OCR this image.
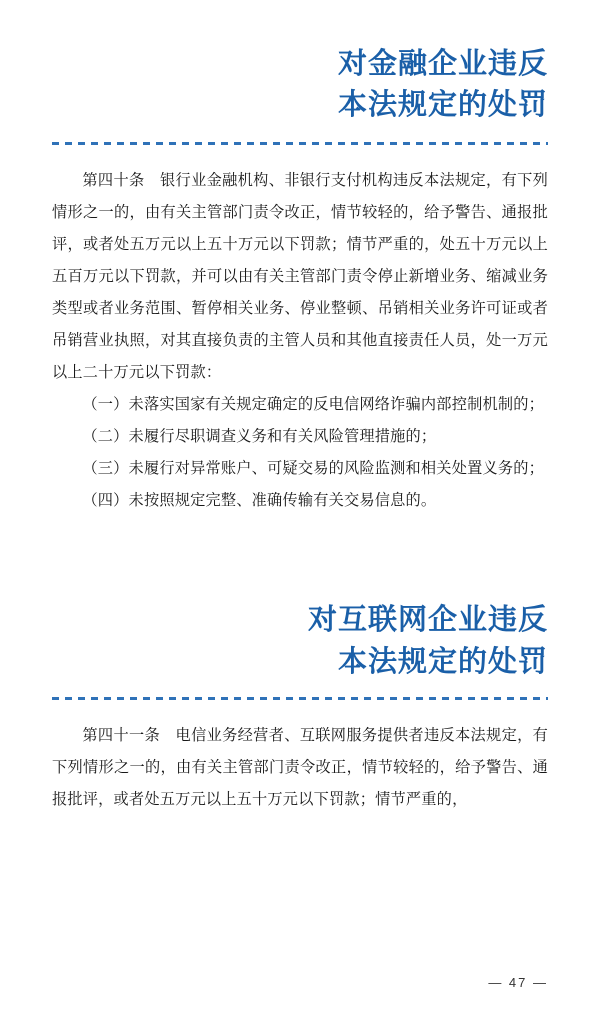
对金融企业违反
本法规定的处罚

第四十条　银行业金融机构、非银行支付机构违反本法规定，有下列情形之一的，由有关主管部门责令改正，情节较轻的，给予警告、通报批评，或者处五万元以上五十万元以下罚款；情节严重的，处五十万元以上五百万元以下罚款，并可以由有关主管部门责令停止新增业务、缩减业务类型或者业务范围、暂停相关业务、停业整顿、吊销相关业务许可证或者吊销营业执照，对其直接负责的主管人员和其他直接责任人员，处一万元以上二十万元以下罚款：

（一）未落实国家有关规定确定的反电信网络诈骗内部控制机制的；

（二）未履行尽职调查义务和有关风险管理措施的；

（三）未履行对异常账户、可疑交易的风险监测和相关处置义务的；

（四）未按照规定完整、准确传输有关交易信息的。

对互联网企业违反
本法规定的处罚

第四十一条　电信业务经营者、互联网服务提供者违反本法规定，有下列情形之一的，由有关主管部门责令改正，情节较轻的，给予警告、通报批评，或者处五万元以上五十万元以下罚款；情节严重的，

— 47 —
